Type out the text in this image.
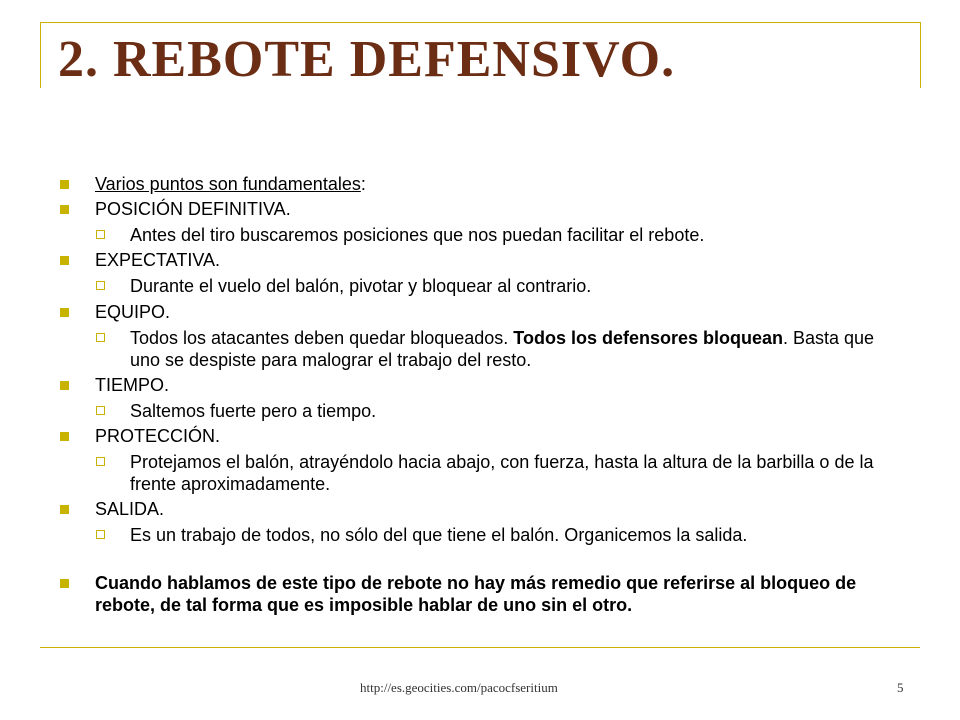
2. REBOTE DEFENSIVO.
Varios puntos son fundamentales:
POSICIÓN DEFINITIVA.
Antes del tiro buscaremos posiciones que nos puedan facilitar el rebote.
EXPECTATIVA.
Durante el vuelo del balón, pivotar y bloquear al contrario.
EQUIPO.
Todos los atacantes deben quedar bloqueados. Todos los defensores bloquean. Basta que uno se despiste para malograr el trabajo del resto.
TIEMPO.
Saltemos fuerte pero a tiempo.
PROTECCIÓN.
Protejamos el balón, atrayéndolo hacia abajo, con fuerza, hasta la altura de la barbilla o de la frente aproximadamente.
SALIDA.
Es un trabajo de todos, no sólo del que tiene el balón. Organicemos la salida.
Cuando hablamos de este tipo de rebote no hay más remedio que referirse al bloqueo de rebote, de tal forma que es imposible hablar de uno sin el otro.
http://es.geocities.com/pacocfseritium	5
